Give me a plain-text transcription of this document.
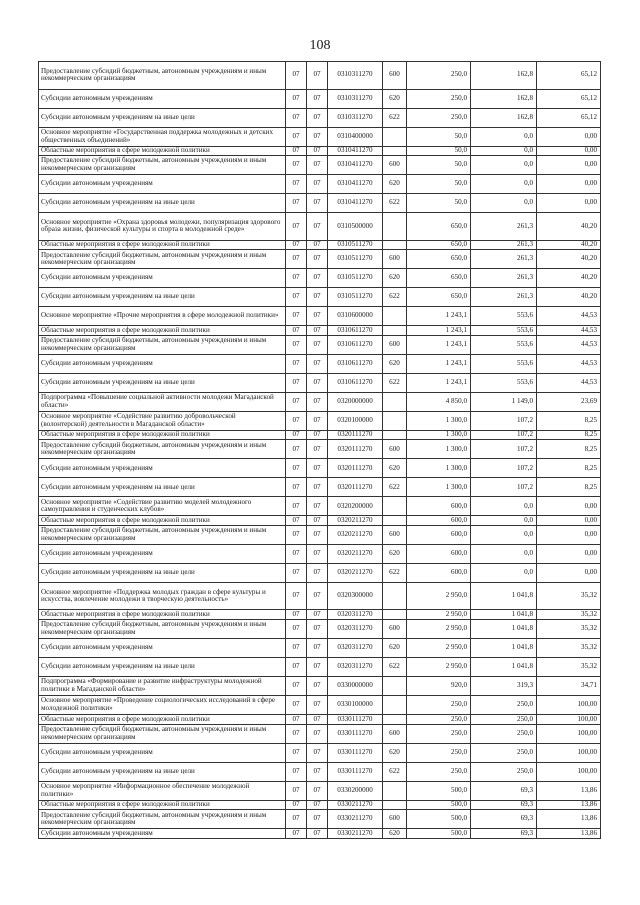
108
Предоставление субсидий бюджетным, автономным учреждениям и иным некоммерческим организациям	07	07	0310311270	600	250,0	162,8	65,12
Субсидии автономным учреждениям	07	07	0310311270	620	250,0	162,8	65,12
Субсидии автономным учреждениям на иные цели	07	07	0310311270	622	250,0	162,8	65,12
Основное мероприятие «Государственная поддержка молодежных и детских общественных объединений»	07	07	0310400000		50,0	0,0	0,00
Областные мероприятия в сфере молодежной политики	07	07	0310411270		50,0	0,0	0,00
Предоставление субсидий бюджетным, автономным учреждениям и иным некоммерческим организациям	07	07	0310411270	600	50,0	0,0	0,00
Субсидии автономным учреждениям	07	07	0310411270	620	50,0	0,0	0,00
Субсидии автономным учреждениям на иные цели	07	07	0310411270	622	50,0	0,0	0,00
Основное мероприятие «Охрана здоровья молодежи, популяризация здорового образа жизни, физической культуры и спорта в молодежной среде»	07	07	0310500000		650,0	261,3	40,20
Областные мероприятия в сфере молодежной политики	07	07	0310511270		650,0	261,3	40,20
Предоставление субсидий бюджетным, автономным учреждениям и иным некоммерческим организациям	07	07	0310511270	600	650,0	261,3	40,20
Субсидии автономным учреждениям	07	07	0310511270	620	650,0	261,3	40,20
Субсидии автономным учреждениям на иные цели	07	07	0310511270	622	650,0	261,3	40,20
Основное мероприятие «Прочие мероприятия в сфере молодежной политики»	07	07	0310600000		1 243,1	553,6	44,53
Областные мероприятия в сфере молодежной политики	07	07	0310611270		1 243,1	553,6	44,53
Предоставление субсидий бюджетным, автономным учреждениям и иным некоммерческим организациям	07	07	0310611270	600	1 243,1	553,6	44,53
Субсидии автономным учреждениям	07	07	0310611270	620	1 243,1	553,6	44,53
Субсидии автономным учреждениям на иные цели	07	07	0310611270	622	1 243,1	553,6	44,53
Подпрограмма «Повышение социальной активности молодежи Магаданской области»	07	07	0320000000		4 850,0	1 149,0	23,69
Основное мероприятие «Содействие развитию добровольческой (волонтерской) деятельности в Магаданской области»	07	07	0320100000		1 300,0	107,2	8,25
Областные мероприятия в сфере молодежной политики	07	07	0320111270		1 300,0	107,2	8,25
Предоставление субсидий бюджетным, автономным учреждениям и иным некоммерческим организациям	07	07	0320111270	600	1 300,0	107,2	8,25
Субсидии автономным учреждениям	07	07	0320111270	620	1 300,0	107,2	8,25
Субсидии автономным учреждениям на иные цели	07	07	0320111270	622	1 300,0	107,2	8,25
Основное мероприятие «Содействие развитию моделей молодежного самоуправления и студенческих клубов»	07	07	0320200000		600,0	0,0	0,00
Областные мероприятия в сфере молодежной политики	07	07	0320211270		600,0	0,0	0,00
Предоставление субсидий бюджетным, автономным учреждениям и иным некоммерческим организациям	07	07	0320211270	600	600,0	0,0	0,00
Субсидии автономным учреждениям	07	07	0320211270	620	600,0	0,0	0,00
Субсидии автономным учреждениям на иные цели	07	07	0320211270	622	600,0	0,0	0,00
Основное мероприятие «Поддержка молодых граждан в сфере культуры и искусства, вовлечение молодежи в творческую деятельность»	07	07	0320300000		2 950,0	1 041,8	35,32
Областные мероприятия в сфере молодежной политики	07	07	0320311270		2 950,0	1 041,8	35,32
Предоставление субсидий бюджетным, автономным учреждениям и иным некоммерческим организациям	07	07	0320311270	600	2 950,0	1 041,8	35,32
Субсидии автономным учреждениям	07	07	0320311270	620	2 950,0	1 041,8	35,32
Субсидии автономным учреждениям на иные цели	07	07	0320311270	622	2 950,0	1 041,8	35,32
Подпрограмма «Формирование и развитие инфраструктуры молодежной политики в Магаданской области»	07	07	0330000000		920,0	319,3	34,71
Основное мероприятие «Проведение социологических исследований в сфере молодежной политики»	07	07	0330100000		250,0	250,0	100,00
Областные мероприятия в сфере молодежной политики	07	07	0330111270		250,0	250,0	100,00
Предоставление субсидий бюджетным, автономным учреждениям и иным некоммерческим организациям	07	07	0330111270	600	250,0	250,0	100,00
Субсидии автономным учреждениям	07	07	0330111270	620	250,0	250,0	100,00
Субсидии автономным учреждениям на иные цели	07	07	0330111270	622	250,0	250,0	100,00
Основное мероприятие «Информационное обеспечение молодежной политики»	07	07	0330200000		500,0	69,3	13,86
Областные мероприятия в сфере молодежной политики	07	07	0330211270		500,0	69,3	13,86
Предоставление субсидий бюджетным, автономным учреждениям и иным некоммерческим организациям	07	07	0330211270	600	500,0	69,3	13,86
Субсидии автономным учреждениям	07	07	0330211270	620	500,0	69,3	13,86
